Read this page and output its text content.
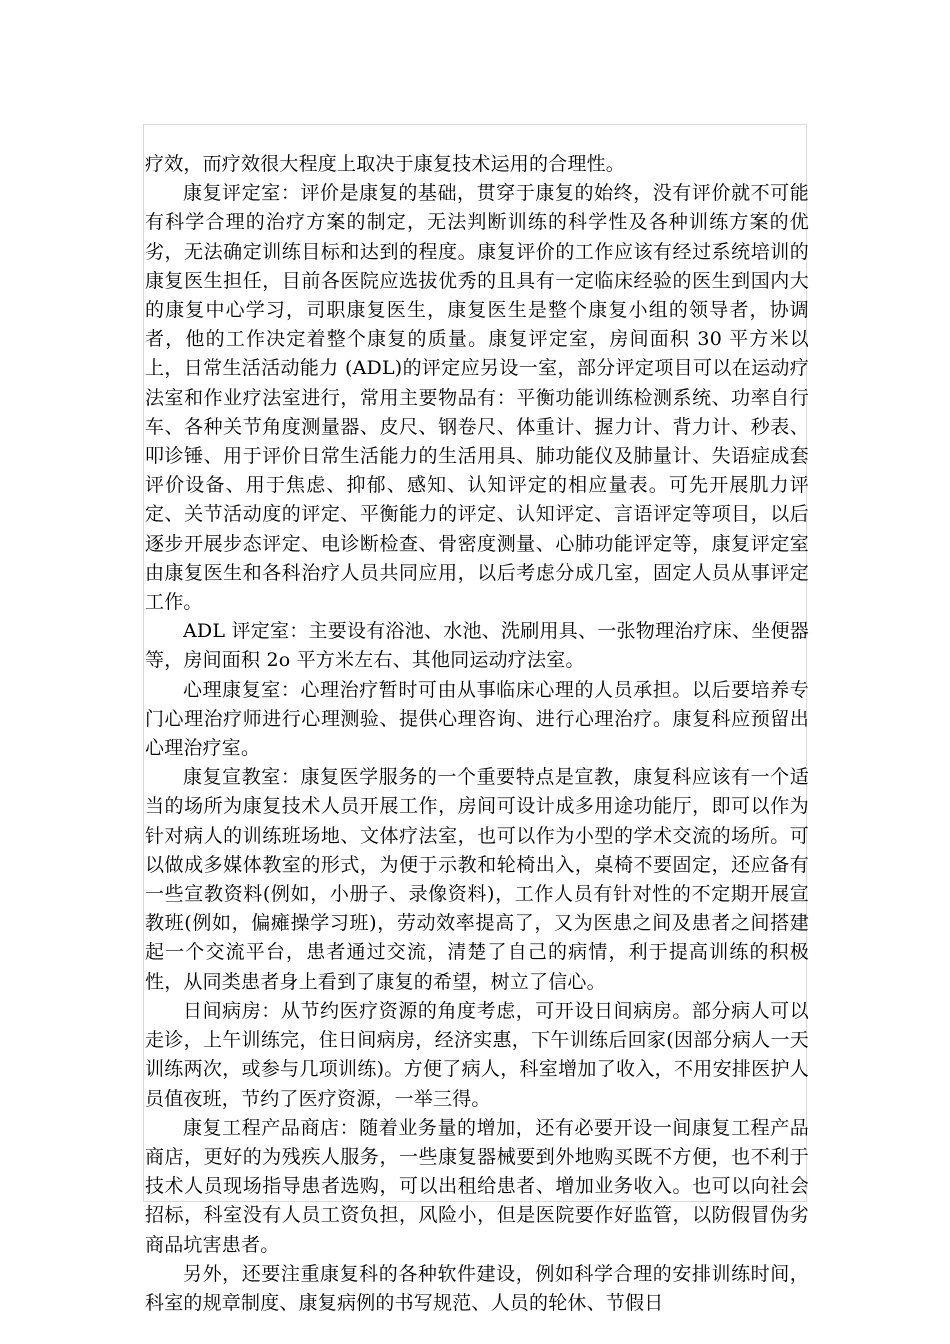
疗效，而疗效很大程度上取决于康复技术运用的合理性。

康复评定室：评价是康复的基础，贯穿于康复的始终，没有评价就不可能有科学合理的治疗方案的制定，无法判断训练的科学性及各种训练方案的优劣，无法确定训练目标和达到的程度。康复评价的工作应该有经过系统培训的康复医生担任，目前各医院应选拔优秀的且具有一定临床经验的医生到国内大的康复中心学习，司职康复医生，康复医生是整个康复小组的领导者，协调者，他的工作决定着整个康复的质量。康复评定室，房间面积 30 平方米以上，日常生活活动能力 (ADL)的评定应另设一室，部分评定项目可以在运动疗法室和作业疗法室进行，常用主要物品有：平衡功能训练检测系统、功率自行车、各种关节角度测量器、皮尺、钢卷尺、体重计、握力计、背力计、秒表、叩诊锤、用于评价日常生活能力的生活用具、肺功能仪及肺量计、失语症成套评价设备、用于焦虑、抑郁、感知、认知评定的相应量表。可先开展肌力评定、关节活动度的评定、平衡能力的评定、认知评定、言语评定等项目，以后逐步开展步态评定、电诊断检查、骨密度测量、心肺功能评定等，康复评定室由康复医生和各科治疗人员共同应用，以后考虑分成几室，固定人员从事评定工作。

ADL 评定室：主要设有浴池、水池、洗刷用具、一张物理治疗床、坐便器等，房间面积 2o 平方米左右、其他同运动疗法室。

心理康复室：心理治疗暂时可由从事临床心理的人员承担。以后要培养专门心理治疗师进行心理测验、提供心理咨询、进行心理治疗。康复科应预留出心理治疗室。

康复宣教室：康复医学服务的一个重要特点是宣教，康复科应该有一个适当的场所为康复技术人员开展工作，房间可设计成多用途功能厅，即可以作为针对病人的训练班场地、文体疗法室，也可以作为小型的学术交流的场所。可以做成多媒体教室的形式，为便于示教和轮椅出入，桌椅不要固定，还应备有一些宣教资料(例如，小册子、录像资料)，工作人员有针对性的不定期开展宣教班(例如，偏瘫操学习班)，劳动效率提高了，又为医患之间及患者之间搭建起一个交流平台，患者通过交流，清楚了自己的病情，利于提高训练的积极性，从同类患者身上看到了康复的希望，树立了信心。

日间病房：从节约医疗资源的角度考虑，可开设日间病房。部分病人可以走诊，上午训练完，住日间病房，经济实惠，下午训练后回家(因部分病人一天训练两次，或参与几项训练)。方便了病人，科室增加了收入，不用安排医护人员值夜班，节约了医疗资源，一举三得。

康复工程产品商店：随着业务量的增加，还有必要开设一间康复工程产品商店，更好的为残疾人服务，一些康复器械要到外地购买既不方便，也不利于技术人员现场指导患者选购，可以出租给患者、增加业务收入。也可以向社会招标，科室没有人员工资负担，风险小，但是医院要作好监管，以防假冒伪劣商品坑害患者。

另外，还要注重康复科的各种软件建设，例如科学合理的安排训练时间，科室的规章制度、康复病例的书写规范、人员的轮休、节假日
